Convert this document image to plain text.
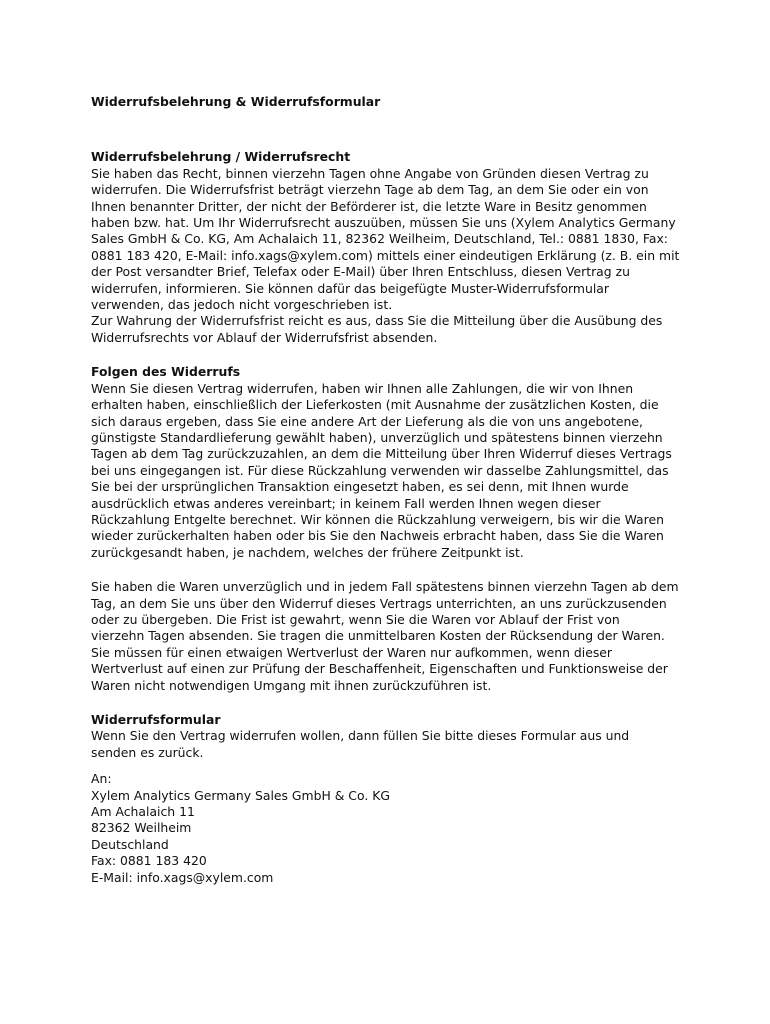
Widerrufsbelehrung & Widerrufsformular
Widerrufsbelehrung / Widerrufsrecht

Sie haben das Recht, binnen vierzehn Tagen ohne Angabe von Gründen diesen Vertrag zu
widerrufen. Die Widerrufsfrist beträgt vierzehn Tage ab dem Tag, an dem Sie oder ein von
Ihnen benannter Dritter, der nicht der Beförderer ist, die letzte Ware in Besitz genommen
haben bzw. hat. Um Ihr Widerrufsrecht auszuüben, müssen Sie uns (Xylem Analytics Germany
Sales GmbH & Co. KG, Am Achalaich 11, 82362 Weilheim, Deutschland, Tel.: 0881 1830, Fax:
0881 183 420, E-Mail: info.xags@xylem.com) mittels einer eindeutigen Erklärung (z. B. ein mit
der Post versandter Brief, Telefax oder E-Mail) über Ihren Entschluss, diesen Vertrag zu
widerrufen, informieren. Sie können dafür das beigefügte Muster-Widerrufsformular
verwenden, das jedoch nicht vorgeschrieben ist.

Zur Wahrung der Widerrufsfrist reicht es aus, dass Sie die Mitteilung über die Ausübung des
Widerrufsrechts vor Ablauf der Widerrufsfrist absenden.

Folgen des Widerrufs

Wenn Sie diesen Vertrag widerrufen, haben wir Ihnen alle Zahlungen, die wir von Ihnen
erhalten haben, einschließlich der Lieferkosten (mit Ausnahme der zusätzlichen Kosten, die
sich daraus ergeben, dass Sie eine andere Art der Lieferung als die von uns angebotene,
günstigste Standardlieferung gewählt haben), unverzüglich und spätestens binnen vierzehn
Tagen ab dem Tag zurückzuzahlen, an dem die Mitteilung über Ihren Widerruf dieses Vertrags
bei uns eingegangen ist. Für diese Rückzahlung verwenden wir dasselbe Zahlungsmittel, das
Sie bei der ursprünglichen Transaktion eingesetzt haben, es sei denn, mit Ihnen wurde
ausdrücklich etwas anderes vereinbart; in keinem Fall werden Ihnen wegen dieser
Rückzahlung Entgelte berechnet. Wir können die Rückzahlung verweigern, bis wir die Waren
wieder zurückerhalten haben oder bis Sie den Nachweis erbracht haben, dass Sie die Waren
zurückgesandt haben, je nachdem, welches der frühere Zeitpunkt ist.

Sie haben die Waren unverzüglich und in jedem Fall spätestens binnen vierzehn Tagen ab dem
Tag, an dem Sie uns über den Widerruf dieses Vertrags unterrichten, an uns zurückzusenden
oder zu übergeben. Die Frist ist gewahrt, wenn Sie die Waren vor Ablauf der Frist von
vierzehn Tagen absenden. Sie tragen die unmittelbaren Kosten der Rücksendung der Waren.
Sie müssen für einen etwaigen Wertverlust der Waren nur aufkommen, wenn dieser
Wertverlust auf einen zur Prüfung der Beschaffenheit, Eigenschaften und Funktionsweise der
Waren nicht notwendigen Umgang mit ihnen zurückzuführen ist.

Widerrufsformular

Wenn Sie den Vertrag widerrufen wollen, dann füllen Sie bitte dieses Formular aus und
senden es zurück.

An:

Xylem Analytics Germany Sales GmbH & Co. KG

Am Achalaich 11

82362 Weilheim

Deutschland

Fax: 0881 183 420

E-Mail: info.xags@xylem.com
